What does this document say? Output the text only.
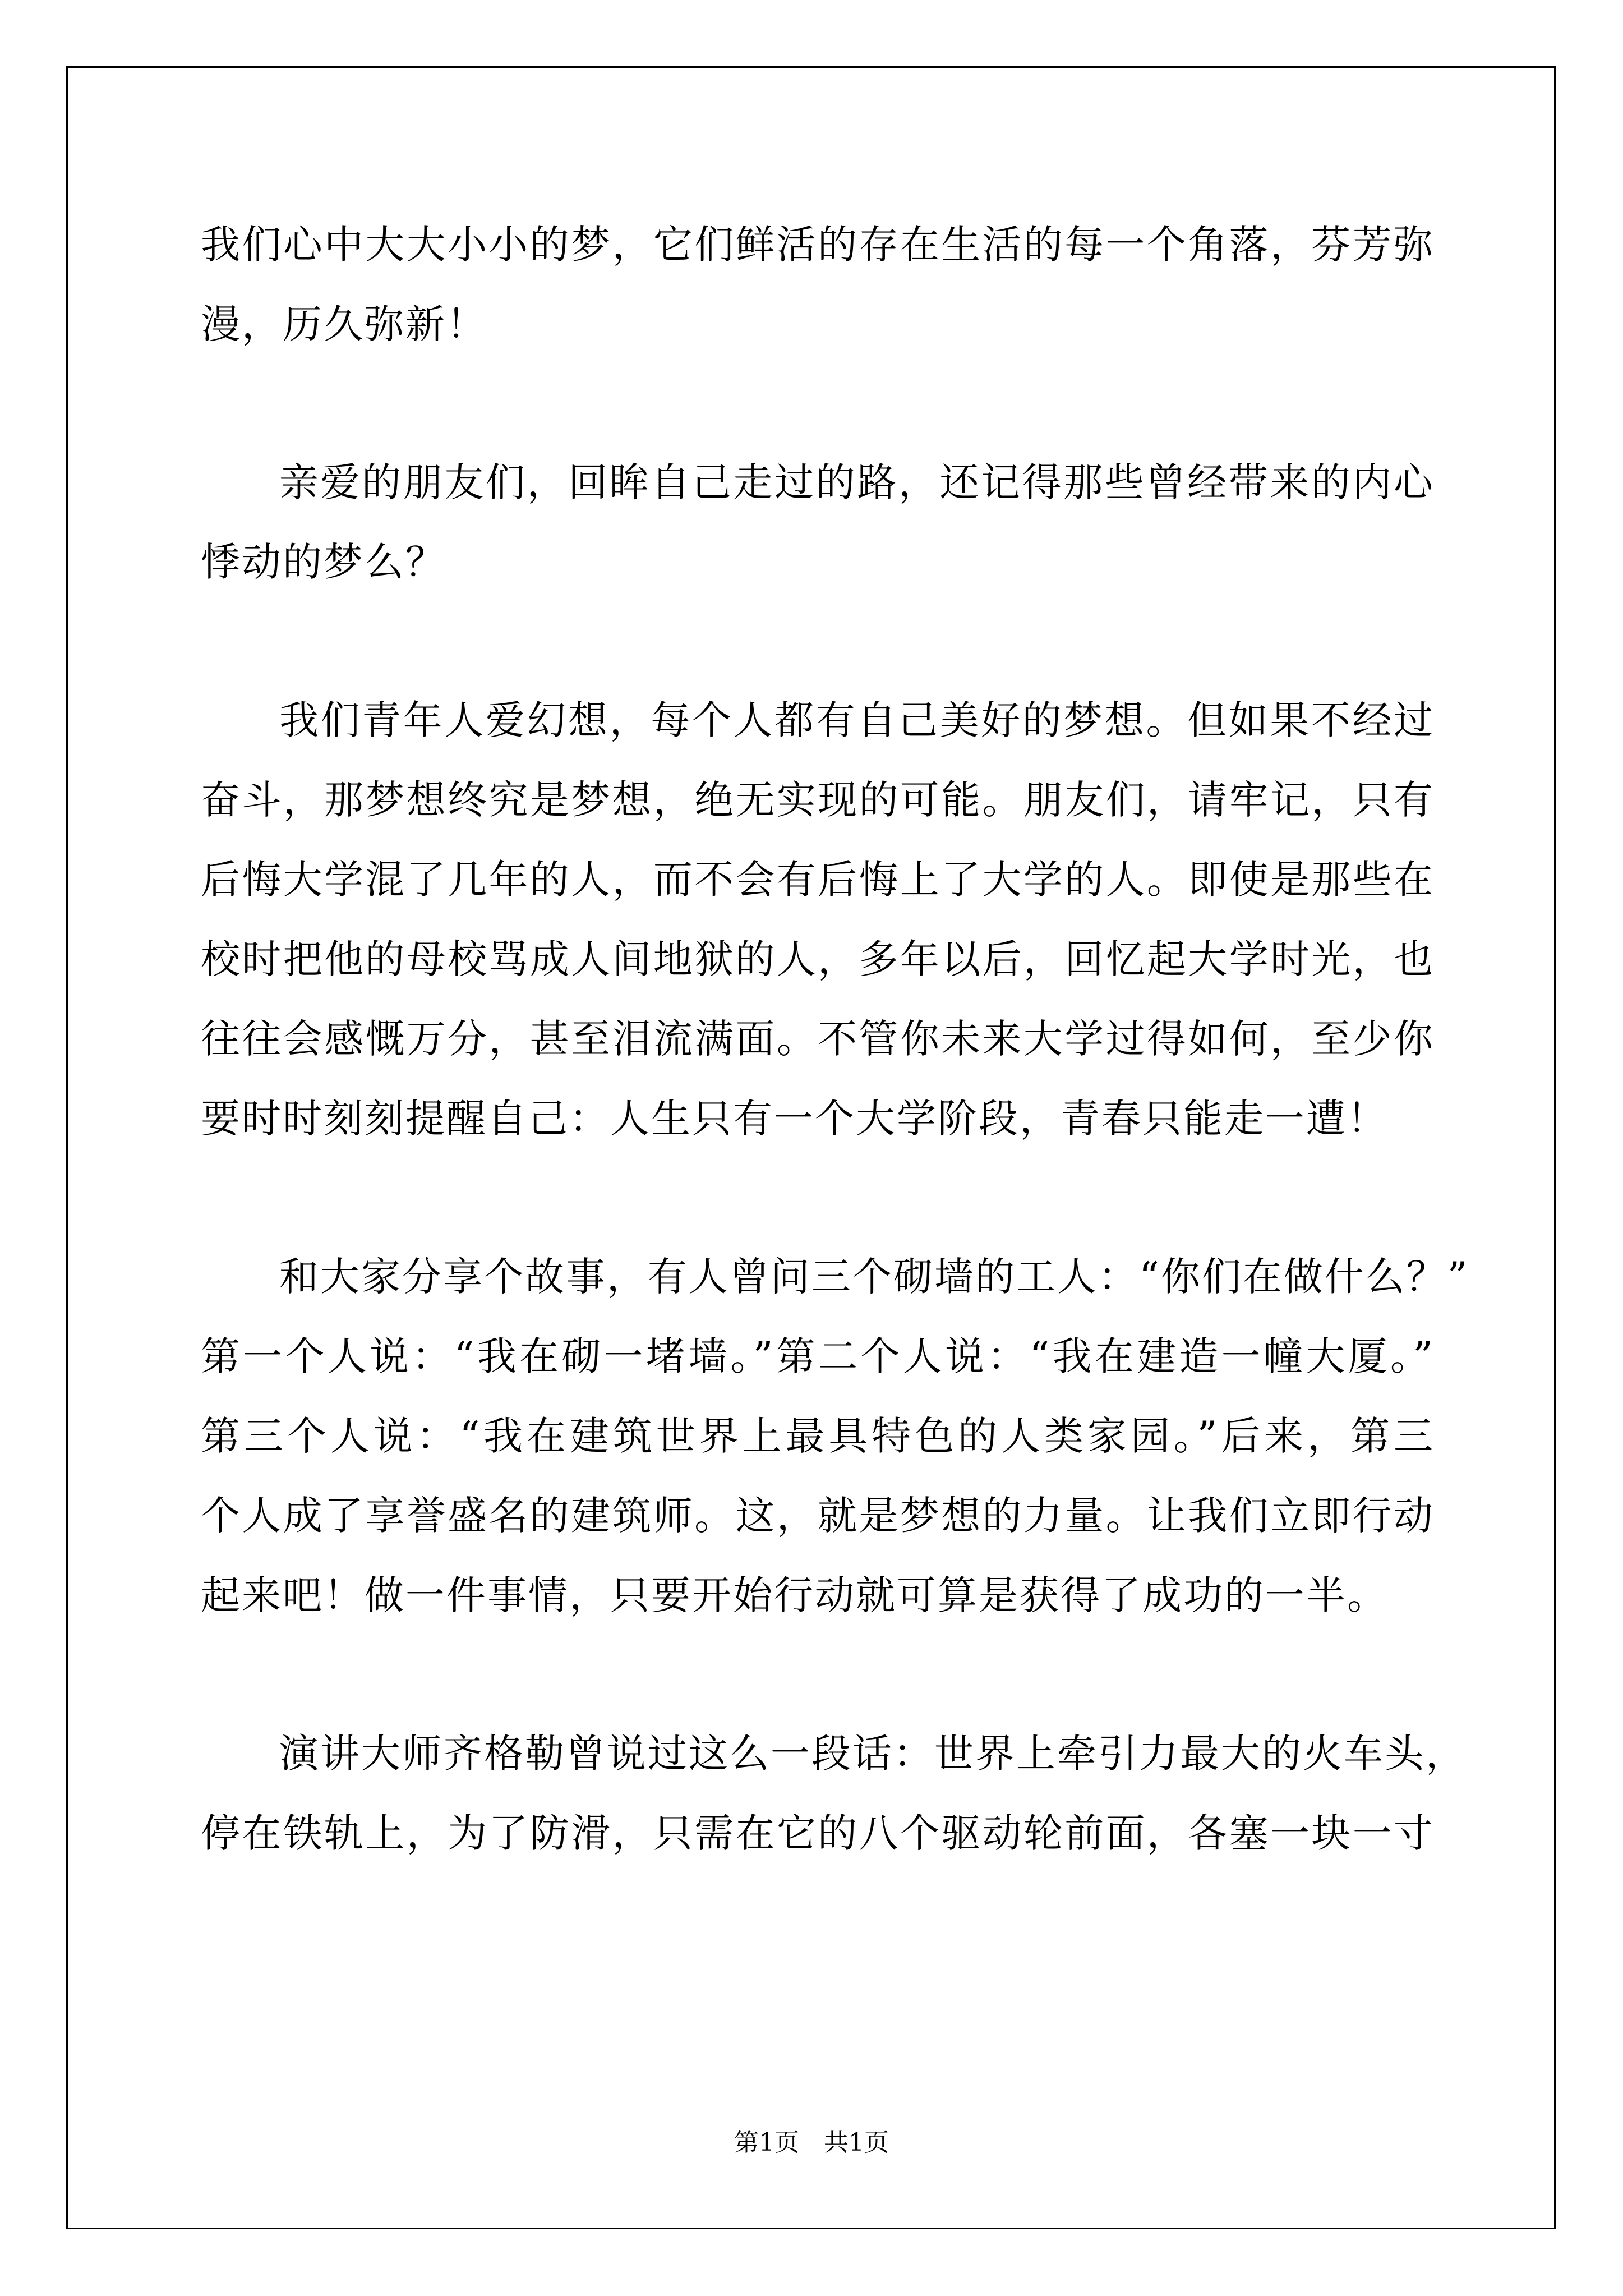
我们心中大大小小的梦，它们鲜活的存在生活的每一个角落，芬芳弥
漫，历久弥新！
亲爱的朋友们，回眸自己走过的路，还记得那些曾经带来的内心
悸动的梦么？
我们青年人爱幻想，每个人都有自己美好的梦想。但如果不经过
奋斗，那梦想终究是梦想，绝无实现的可能。朋友们，请牢记，只有
后悔大学混了几年的人，而不会有后悔上了大学的人。即使是那些在
校时把他的母校骂成人间地狱的人，多年以后，回忆起大学时光，也
往往会感慨万分，甚至泪流满面。不管你未来大学过得如何，至少你
要时时刻刻提醒自己：人生只有一个大学阶段，青春只能走一遭！
和大家分享个故事，有人曾问三个砌墙的工人：“你们在做什么？”
第一个人说：“我在砌一堵墙。”第二个人说：“我在建造一幢大厦。”
第三个人说：“我在建筑世界上最具特色的人类家园。”后来，第三
个人成了享誉盛名的建筑师。这，就是梦想的力量。让我们立即行动
起来吧！做一件事情，只要开始行动就可算是获得了成功的一半。
演讲大师齐格勒曾说过这么一段话：世界上牵引力最大的火车头，
停在铁轨上，为了防滑，只需在它的八个驱动轮前面，各塞一块一寸
第1页　共1页
